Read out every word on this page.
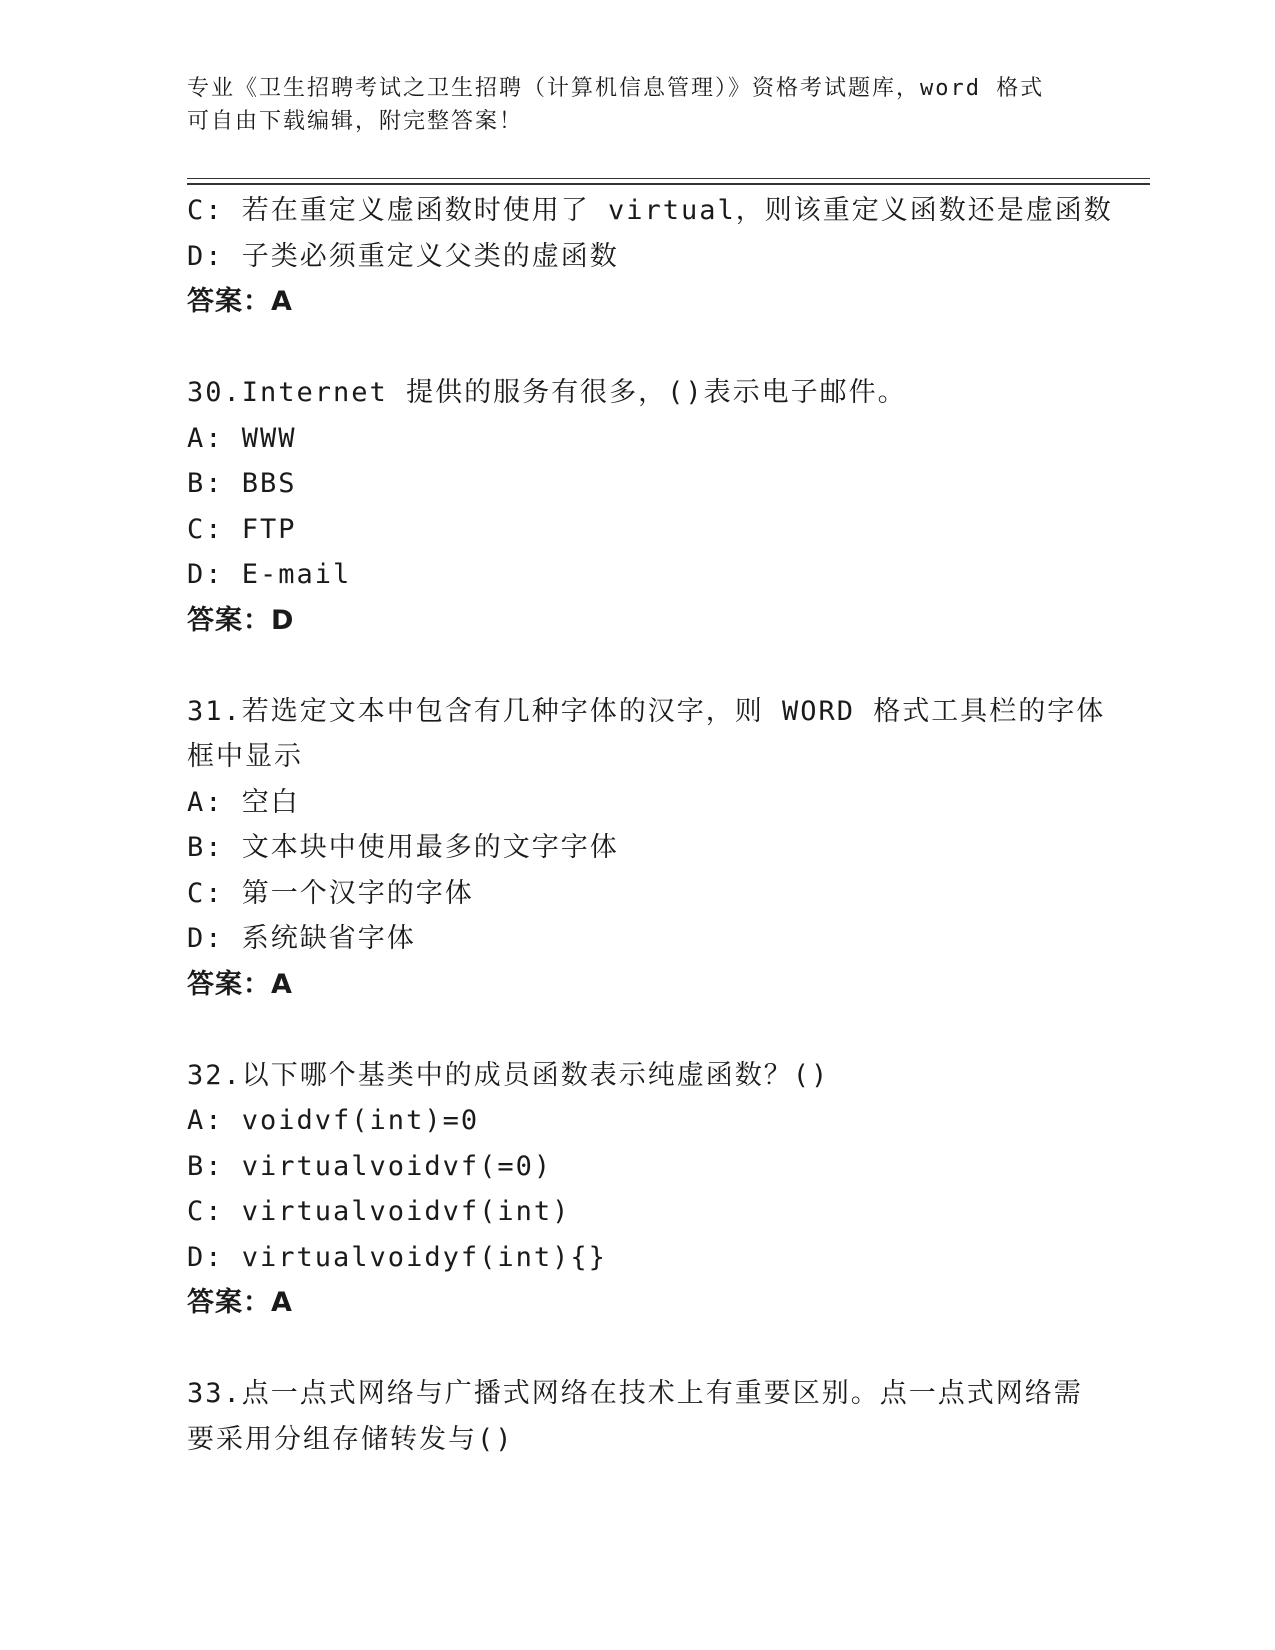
专业《卫生招聘考试之卫生招聘（计算机信息管理）》资格考试题库，word 格式
可自由下载编辑，附完整答案！
C: 若在重定义虚函数时使用了 virtual，则该重定义函数还是虚函数
D: 子类必须重定义父类的虚函数
答案：A
30.Internet 提供的服务有很多，()表示电子邮件。
A: WWW
B: BBS
C: FTP
D: E-mail
答案：D
31.若选定文本中包含有几种字体的汉字，则 WORD 格式工具栏的字体
框中显示
A: 空白
B: 文本块中使用最多的文字字体
C: 第一个汉字的字体
D: 系统缺省字体
答案：A
32.以下哪个基类中的成员函数表示纯虚函数？()
A: voidvf(int)=0
B: virtualvoidvf(=0)
C: virtualvoidvf(int)
D: virtualvoidyf(int){}
答案：A
33.点一点式网络与广播式网络在技术上有重要区别。点一点式网络需
要采用分组存储转发与()
